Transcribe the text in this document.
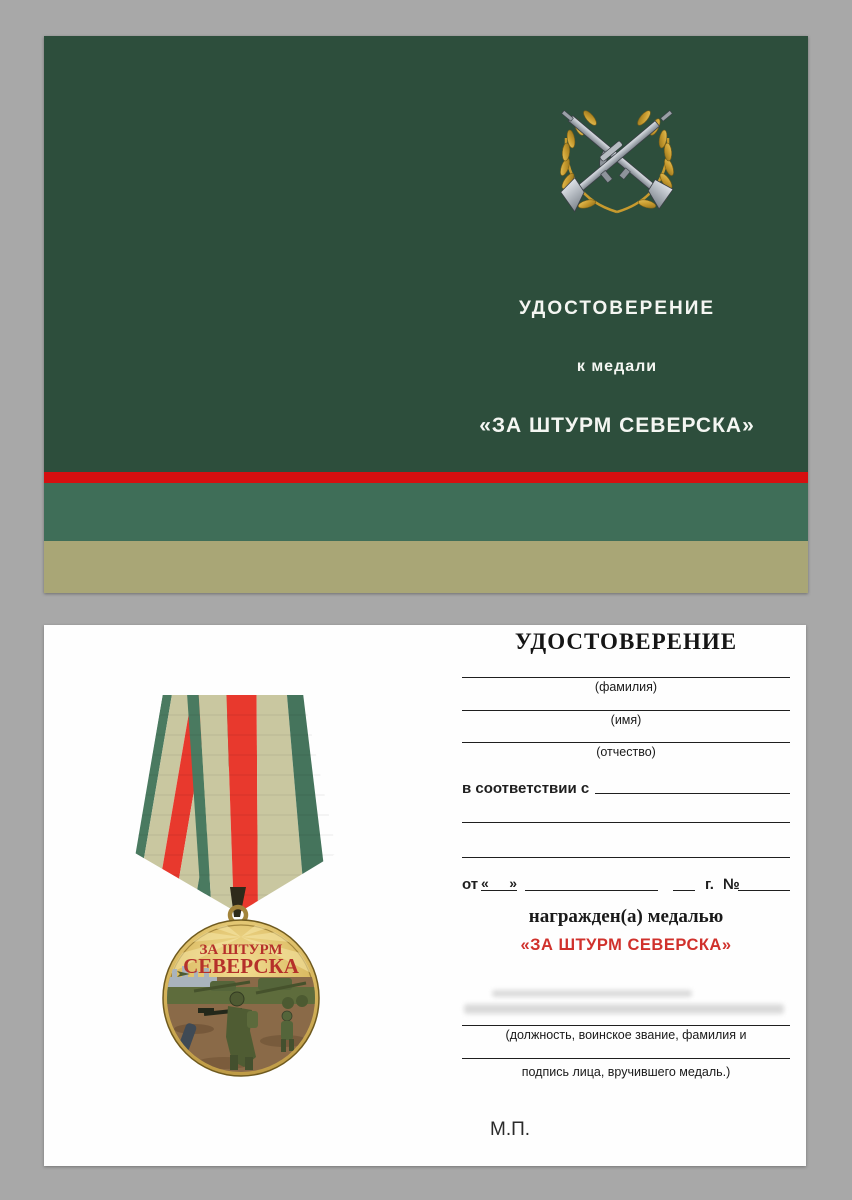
УДОСТОВЕРЕНИЕ
к медали
«ЗА ШТУРМ СЕВЕРСКА»
ЗА ШТУРМ
СЕВЕРСКА
УДОСТОВЕРЕНИЕ
(фамилия)
(имя)
(отчество)
в соответствии с
от « »	г. №
награжден(а) медалью
«ЗА ШТУРМ СЕВЕРСКА»
(должность, воинское звание, фамилия и
подпись лица, вручившего медаль.)
М.П.
